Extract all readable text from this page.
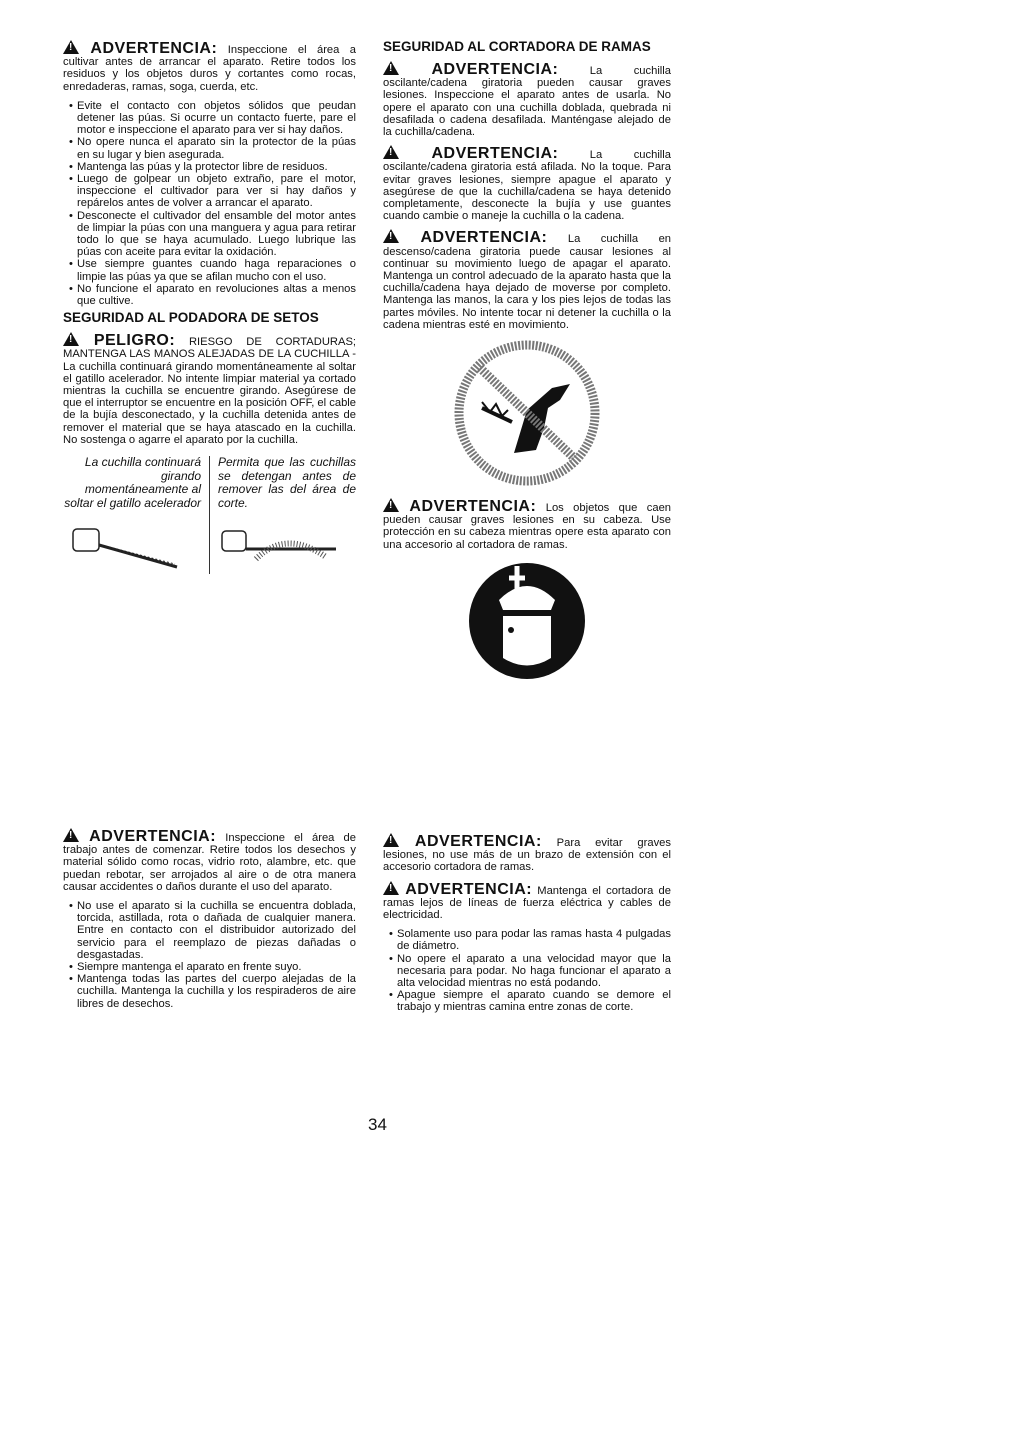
! ADVERTENCIA: Inspeccione el área a cultivar antes de arrancar el aparato. Retire todos los residuos y los objetos duros y cortantes como rocas, enredaderas, ramas, soga, cuerda, etc.

• Evite el contacto con objetos sólidos que peudan detener las púas. Si ocurre un contacto fuerte, pare el motor e inspeccione el aparato para ver si hay daños.
• No opere nunca el aparato sin la protector de la púas en su lugar y bien asegurada.
• Mantenga las púas y la protector libre de residuos.
• Luego de golpear un objeto extraño, pare el motor, inspeccione el cultivador para ver si hay daños y repárelos antes de volver a arrancar el aparato.
• Desconecte el cultivador del ensamble del motor antes de limpiar la púas con una manguera y agua para retirar todo lo que se haya acumulado. Luego lubrique las púas con aceite para evitar la oxidación.
• Use siempre guantes cuando haga reparaciones o limpie las púas ya que se afilan mucho con el uso.
• No funcione el aparato en revoluciones altas a menos que cultive.
SEGURIDAD AL PODADORA DE SETOS

! PELIGRO: RIESGO DE CORTADURAS; MANTENGA LAS MANOS ALEJADAS DE LA CUCHILLA - La cuchilla continuará girando momentáneamente al soltar el gatillo acelerador. No intente limpiar material ya cortado mientras la cuchilla se encuentre girando. Asegúrese de que el interruptor se encuentre en la posición OFF, el cable de la bujía desconectado, y la cuchilla detenida antes de remover el material que se haya atascado en la cuchilla. No sostenga o agarre el aparato por la cuchilla.

La cuchilla continuará girando momentáneamente al soltar el gatillo acelerador
Permita que las cuchillas se detengan antes de remover las del área de corte.
SEGURIDAD AL CORTADORA DE RAMAS

! ADVERTENCIA:	La cuchilla oscilante/cadena giratoria pueden causar graves lesiones. Inspeccione el aparato antes de usarla. No opere el aparato con una cuchilla doblada, quebrada ni desafilada o cadena desafilada. Manténgase alejado de la cuchilla/cadena.

! ADVERTENCIA:	La cuchilla oscilante/cadena giratoria está afilada. No la toque. Para evitar graves lesiones, siempre apague el aparato y asegúrese de que la cuchilla/cadena se haya detenido completamente, desconecte la bujía y use guantes cuando cambie o maneje la cuchilla o la cadena.

! ADVERTENCIA: La cuchilla en descenso/cadena giratoria puede causar lesiones al continuar su movimiento luego de apagar el aparato. Mantenga un control adecuado de la aparato hasta que la cuchilla/cadena haya dejado de moverse por completo. Mantenga las manos, la cara y los pies lejos de todas las partes móviles. No intente tocar ni detener la cuchilla o la cadena mientras esté en movimiento.

! ADVERTENCIA: Los objetos que caen pueden causar graves lesiones en su cabeza. Use protección en su cabeza mientras opere esta aparato con una accesorio al cortadora de ramas.

! ADVERTENCIA: Inspeccione el área de trabajo antes de comenzar. Retire todos los desechos y material sólido como rocas, vidrio roto, alambre, etc. que puedan rebotar, ser arrojados al aire o de otra manera causar accidentes o daños durante el uso del aparato.

• No use el aparato si la cuchilla se encuentra doblada, torcida, astillada, rota o dañada de cualquier manera. Entre en contacto con el distribuidor autorizado del servicio para el reemplazo de piezas dañadas o desgastadas.
• Siempre mantenga el aparato en frente suyo.
• Mantenga todas las partes del cuerpo alejadas de la cuchilla. Mantenga la cuchilla y los respiraderos de aire libres de desechos.

! ADVERTENCIA: Para evitar graves lesiones, no use más de un brazo de extensión con el accesorio cortadora de ramas.

! ADVERTENCIA: Mantenga el cortadora de ramas lejos de líneas de fuerza eléctrica y cables de electricidad.

• Solamente uso para podar las ramas hasta 4 pulgadas de diámetro.
• No opere el aparato a una velocidad mayor que la necesaria para podar. No haga funcionar el aparato a alta velocidad mientras no está podando.
• Apague siempre el aparato cuando se demore el trabajo y mientras camina entre zonas de corte.
34
